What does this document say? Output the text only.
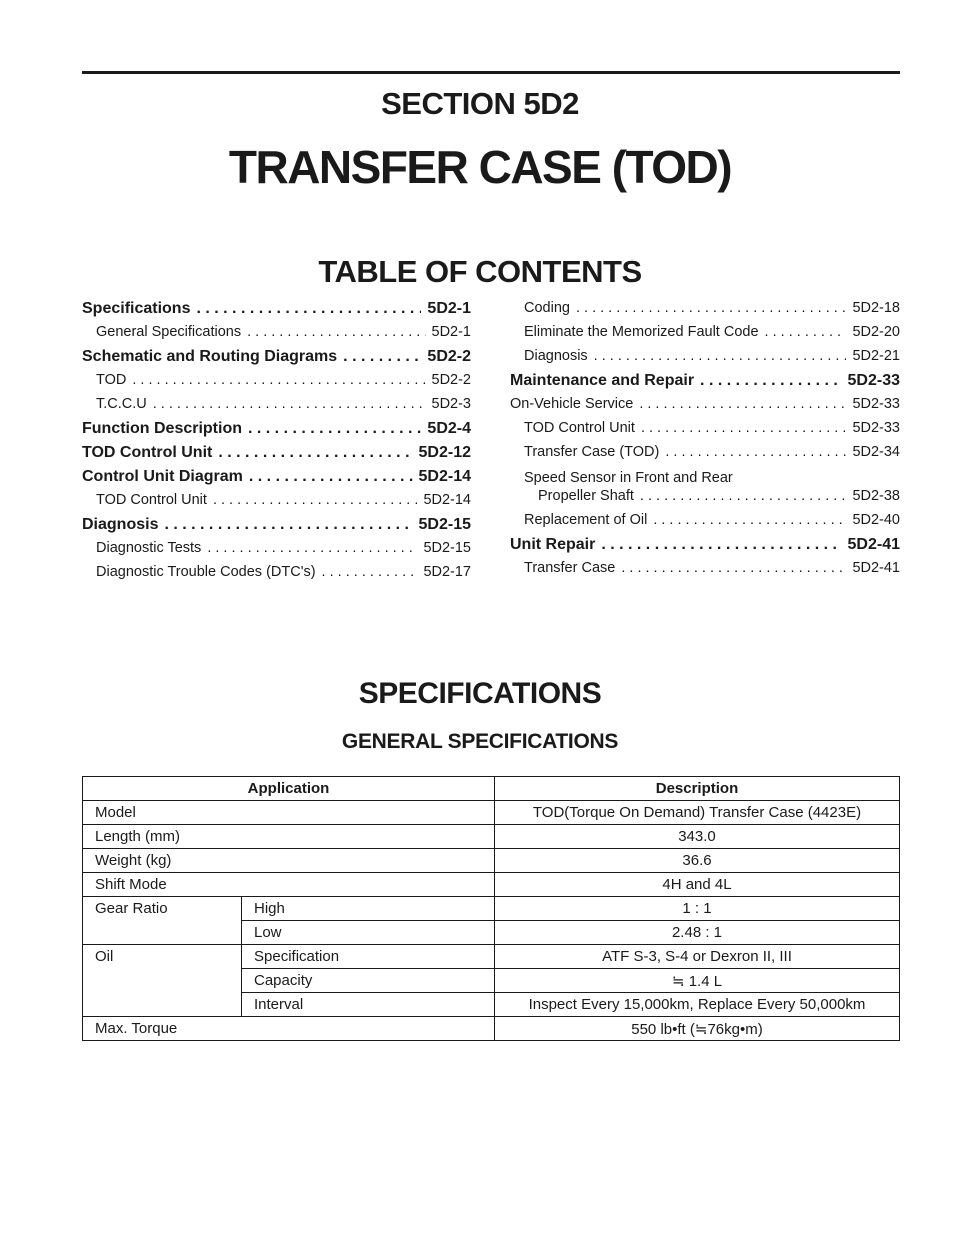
SECTION 5D2
TRANSFER CASE (TOD)
TABLE OF CONTENTS
Specifications . . .	5D2-1
General Specifications . . .	5D2-1
Schematic and Routing Diagrams . . .	5D2-2
TOD . . .	5D2-2
T.C.C.U . . .	5D2-3
Function Description . . .	5D2-4
TOD Control Unit . . .	5D2-12
Control Unit Diagram . . .	5D2-14
TOD Control Unit . . .	5D2-14
Diagnosis . . .	5D2-15
Diagnostic Tests . . .	5D2-15
Diagnostic Trouble Codes (DTC's) . . .	5D2-17
Coding . . .	5D2-18
Eliminate the Memorized Fault Code . . .	5D2-20
Diagnosis . . .	5D2-21
Maintenance and Repair . . .	5D2-33
On-Vehicle Service . . .	5D2-33
TOD Control Unit . . .	5D2-33
Transfer Case (TOD) . . .	5D2-34
Speed Sensor in Front and Rear
Propeller Shaft . . .	5D2-38
Replacement of Oil . . .	5D2-40
Unit Repair . . .	5D2-41
Transfer Case . . .	5D2-41
SPECIFICATIONS
GENERAL SPECIFICATIONS
Application		Description
Model		TOD(Torque On Demand) Transfer Case (4423E)
Length (mm)		343.0
Weight (kg)		36.6
Shift Mode		4H and 4L
Gear Ratio	High	1 : 1
	Low	2.48 : 1
Oil	Specification	ATF S-3, S-4 or Dexron II, III
	Capacity	≒ 1.4 L
	Interval	Inspect Every 15,000km, Replace Every 50,000km
Max. Torque		550 lb•ft (≒76kg•m)
